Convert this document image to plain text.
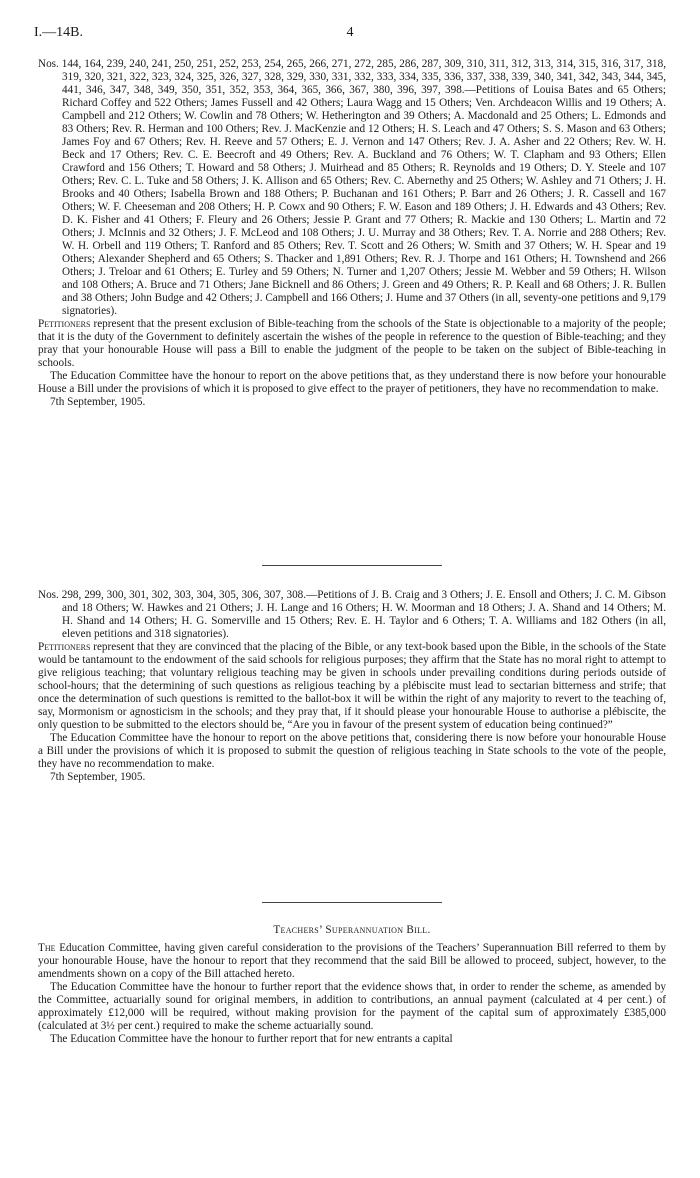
I.—14B.	4

Nos. 144, 164, 239, 240, 241, 250, 251, 252, 253, 254, 265, 266, 271, 272, 285, 286, 287, 309, 310, 311, 312, 313, 314, 315, 316, 317, 318, 319, 320, 321, 322, 323, 324, 325, 326, 327, 328, 329, 330, 331, 332, 333, 334, 335, 336, 337, 338, 339, 340, 341, 342, 343, 344, 345, 441, 346, 347, 348, 349, 350, 351, 352, 353, 364, 365, 366, 367, 380, 396, 397, 398.—Petitions of Louisa Bates and 65 Others; Richard Coffey and 522 Others; James Fussell and 42 Others; Laura Wagg and 15 Others; Ven. Archdeacon Willis and 19 Others; A. Campbell and 212 Others; W. Cowlin and 78 Others; W. Hetherington and 39 Others; A. Macdonald and 25 Others; L. Edmonds and 83 Others; Rev. R. Herman and 100 Others; Rev. J. MacKenzie and 12 Others; H. S. Leach and 47 Others; S. S. Mason and 63 Others; James Foy and 67 Others; Rev. H. Reeve and 57 Others; E. J. Vernon and 147 Others; Rev. J. A. Asher and 22 Others; Rev. W. H. Beck and 17 Others; Rev. C. E. Beecroft and 49 Others; Rev. A. Buckland and 76 Others; W. T. Clapham and 93 Others; Ellen Crawford and 156 Others; T. Howard and 58 Others; J. Muirhead and 85 Others; R. Reynolds and 19 Others; D. Y. Steele and 107 Others; Rev. C. L. Tuke and 58 Others; J. K. Allison and 65 Others; Rev. C. Abernethy and 25 Others; W. Ashley and 71 Others; J. H. Brooks and 40 Others; Isabella Brown and 188 Others; P. Buchanan and 161 Others; P. Barr and 26 Others; J. R. Cassell and 167 Others; W. F. Cheeseman and 208 Others; H. P. Cowx and 90 Others; F. W. Eason and 189 Others; J. H. Edwards and 43 Others; Rev. D. K. Fisher and 41 Others; F. Fleury and 26 Others; Jessie P. Grant and 77 Others; R. Mackie and 130 Others; L. Martin and 72 Others; J. McInnis and 32 Others; J. F. McLeod and 108 Others; J. U. Murray and 38 Others; Rev. T. A. Norrie and 288 Others; Rev. W. H. Orbell and 119 Others; T. Ranford and 85 Others; Rev. T. Scott and 26 Others; W. Smith and 37 Others; W. H. Spear and 19 Others; Alexander Shepherd and 65 Others; S. Thacker and 1,891 Others; Rev. R. J. Thorpe and 161 Others; H. Townshend and 266 Others; J. Treloar and 61 Others; E. Turley and 59 Others; N. Turner and 1,207 Others; Jessie M. Webber and 59 Others; H. Wilson and 108 Others; A. Bruce and 71 Others; Jane Bicknell and 86 Others; J. Green and 49 Others; R. P. Keall and 68 Others; J. R. Bullen and 38 Others; John Budge and 42 Others; J. Campbell and 166 Others; J. Hume and 37 Others (in all, seventy-one petitions and 9,179 signatories).

Petitioners represent that the present exclusion of Bible-teaching from the schools of the State is objectionable to a majority of the people; that it is the duty of the Government to definitely ascertain the wishes of the people in reference to the question of Bible-teaching; and they pray that your honourable House will pass a Bill to enable the judgment of the people to be taken on the subject of Bible-teaching in schools.

The Education Committee have the honour to report on the above petitions that, as they understand there is now before your honourable House a Bill under the provisions of which it is proposed to give effect to the prayer of petitioners, they have no recommendation to make.

7th September, 1905.

Nos. 298, 299, 300, 301, 302, 303, 304, 305, 306, 307, 308.—Petitions of J. B. Craig and 3 Others; J. E. Ensoll and Others; J. C. M. Gibson and 18 Others; W. Hawkes and 21 Others; J. H. Lange and 16 Others; H. W. Moorman and 18 Others; J. A. Shand and 14 Others; M. H. Shand and 14 Others; H. G. Somerville and 15 Others; Rev. E. H. Taylor and 6 Others; T. A. Williams and 182 Others (in all, eleven petitions and 318 signatories).

Petitioners represent that they are convinced that the placing of the Bible, or any text-book based upon the Bible, in the schools of the State would be tantamount to the endowment of the said schools for religious purposes; they affirm that the State has no moral right to attempt to give religious teaching; that voluntary religious teaching may be given in schools under prevailing conditions during periods outside of school-hours; that the determining of such questions as religious teaching by a plébiscite must lead to sectarian bitterness and strife; that once the determination of such questions is remitted to the ballot-box it will be within the right of any majority to revert to the teaching of, say, Mormonism or agnosticism in the schools; and they pray that, if it should please your honourable House to authorise a plébiscite, the only question to be submitted to the electors should be, “Are you in favour of the present system of education being continued?”

The Education Committee have the honour to report on the above petitions that, considering there is now before your honourable House a Bill under the provisions of which it is proposed to submit the question of religious teaching in State schools to the vote of the people, they have no recommendation to make.

7th September, 1905.

Teachers’ Superannuation Bill.

The Education Committee, having given careful consideration to the provisions of the Teachers’ Superannuation Bill referred to them by your honourable House, have the honour to report that they recommend that the said Bill be allowed to proceed, subject, however, to the amendments shown on a copy of the Bill attached hereto.

The Education Committee have the honour to further report that the evidence shows that, in order to render the scheme, as amended by the Committee, actuarially sound for original members, in addition to contributions, an annual payment (calculated at 4 per cent.) of approximately £12,000 will be required, without making provision for the payment of the capital sum of approximately £385,000 (calculated at 3½ per cent.) required to make the scheme actuarially sound.

The Education Committee have the honour to further report that for new entrants a capital
